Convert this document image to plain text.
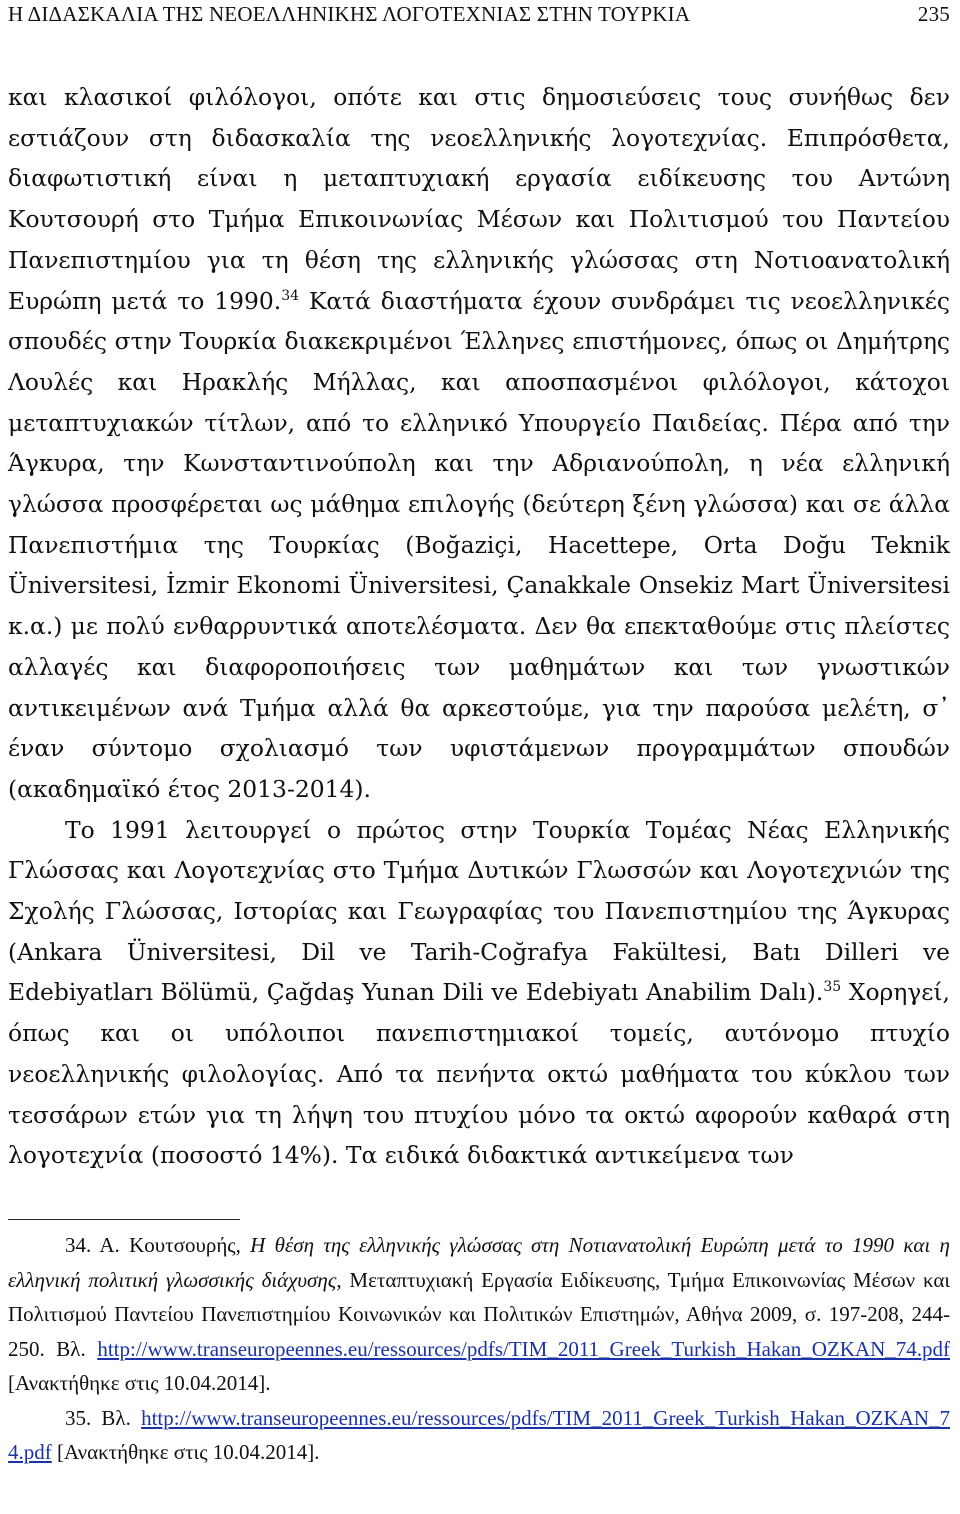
Η ΔΙΔΑΣΚΑΛΙΑ ΤΗΣ ΝΕΟΕΛΛΗΝΙΚΗΣ ΛΟΓΟΤΕΧΝΙΑΣ ΣΤΗΝ ΤΟΥΡΚΙΑ	235

και κλασικοί φιλόλογοι, οπότε και στις δημοσιεύσεις τους συνήθως δεν εστιάζουν στη διδασκαλία της νεοελληνικής λογοτεχνίας. Επιπρόσθετα, διαφωτιστική είναι η μεταπτυχιακή εργασία ειδίκευσης του Αντώνη Κουτσουρή στο Τμήμα Επικοινωνίας Μέσων και Πολιτισμού του Παντείου Πανεπιστημίου για τη θέση της ελληνικής γλώσσας στη Νοτιοανατολική Ευρώπη μετά το 1990.34 Κατά διαστήματα έχουν συνδράμει τις νεοελληνικές σπουδές στην Τουρκία διακεκριμένοι Έλληνες επιστήμονες, όπως οι Δημήτρης Λουλές και Ηρακλής Μήλλας, και αποσπασμένοι φιλόλογοι, κάτοχοι μεταπτυχιακών τίτλων, από το ελληνικό Υπουργείο Παιδείας. Πέρα από την Άγκυρα, την Κωνσταντινούπολη και την Αδριανούπολη, η νέα ελληνική γλώσσα προσφέρεται ως μάθημα επιλογής (δεύτερη ξένη γλώσσα) και σε άλλα Πανεπιστήμια της Τουρκίας (Boğaziçi, Hacettepe, Orta Doğu Teknik Üniversitesi, İzmir Ekonomi Üniversitesi, Çanakkale Onsekiz Mart Üniversitesi κ.α.) με πολύ ενθαρρυντικά αποτελέσματα. Δεν θα επεκταθούμε στις πλείστες αλλαγές και διαφοροποιήσεις των μαθημάτων και των γνωστικών αντικειμένων ανά Τμήμα αλλά θα αρκεστούμε, για την παρούσα μελέτη, σ᾽ έναν σύντομο σχολιασμό των υφιστάμενων προγραμμάτων σπουδών (ακαδημαϊκό έτος 2013-2014).

Το 1991 λειτουργεί ο πρώτος στην Τουρκία Τομέας Νέας Ελληνικής Γλώσσας και Λογοτεχνίας στο Τμήμα Δυτικών Γλωσσών και Λογοτεχνιών της Σχολής Γλώσσας, Ιστορίας και Γεωγραφίας του Πανεπιστημίου της Άγκυρας (Ankara Üniversitesi, Dil ve Tarih-Coğrafya Fakültesi, Batı Dilleri ve Edebiyatları Bölümü, Çağdaş Yunan Dili ve Edebiyatı Anabilim Dalı).$^{35}$ Χορηγεί, όπως και οι υπόλοιποι πανεπιστημιακοί τομείς, αυτόνομο πτυχίο νεοελληνικής φιλολογίας. Από τα πενήντα οκτώ μαθήματα του κύκλου των τεσσάρων ετών για τη λήψη του πτυχίου μόνο τα οκτώ αφορούν καθαρά στη λογοτεχνία (ποσοστό 14%). Τα ειδικά διδακτικά αντικείμενα των

34. Α. Κουτσουρής, Η θέση της ελληνικής γλώσσας στη Νοτιανατολική Ευρώπη μετά το 1990 και η ελληνική πολιτική γλωσσικής διάχυσης, Μεταπτυχιακή Εργασία Ειδίκευσης, Τμήμα Επικοινωνίας Μέσων και Πολιτισμού Παντείου Πανεπιστημίου Κοινωνικών και Πολιτικών Επιστημών, Αθήνα 2009, σ. 197-208, 244-250. Βλ. http://www.transeuropeennes.eu/ressources/pdfs/TIM_2011_Greek_Turkish_Hakan_OZKAN_74.pdf [Ανακτήθηκε στις 10.04.2014].

35. Βλ. http://www.transeuropeennes.eu/ressources/pdfs/TIM_2011_Greek_Turkish_Hakan_OZKAN_74.pdf [Ανακτήθηκε στις 10.04.2014].
